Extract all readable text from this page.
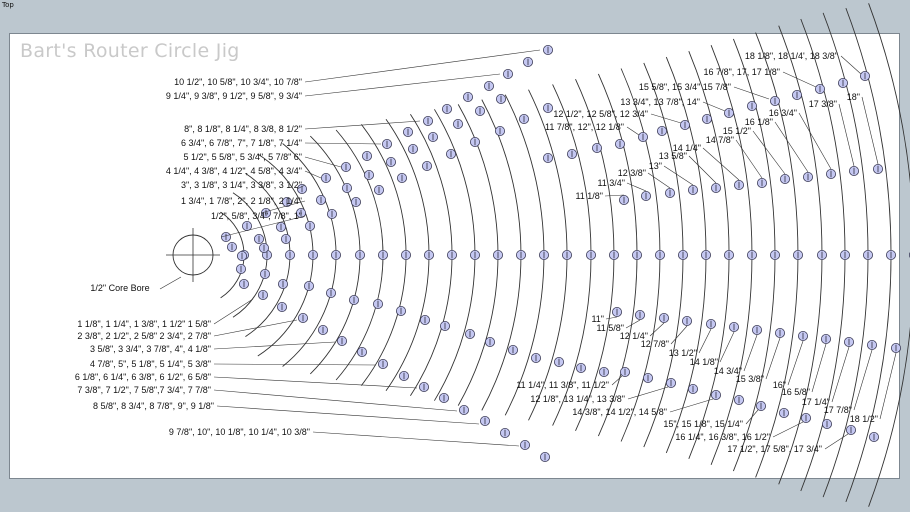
Top
Bart's Router Circle Jig
10 1/2", 10 5/8", 10 3/4", 10 7/8"
9 1/4", 9 3/8", 9 1/2", 9 5/8", 9 3/4"
8", 8 1/8", 8 1/4", 8 3/8, 8 1/2"
6 3/4", 6 7/8", 7", 7 1/8", 7 1/4"
5 1/2", 5 5/8", 5 3/4", 5 7/8" 6"
4 1/4", 4 3/8", 4 1/2", 4 5/8", 4 3/4"
3", 3 1/8", 3 1/4", 3 3/8", 3 1/2"
1 3/4", 1 7/8", 2", 2 1/8", 2 1/4"
1/2", 5/8", 3/4", 7/8", 1"
1 1/8", 1 1/4", 1 3/8", 1 1/2" 1 5/8"
2 3/8", 2 1/2", 2 5/8" 2 3/4", 2 7/8"
3 5/8", 3 3/4", 3 7/8", 4", 4 1/8"
4 7/8", 5", 5 1/8", 5 1/4", 5 3/8"
6 1/8", 6 1/4", 6 3/8", 6 1/2", 6 5/8"
7 3/8", 7 1/2", 7 5/8",7 3/4", 7 7/8"
8 5/8", 8 3/4", 8 7/8", 9", 9 1/8"
9 7/8", 10", 10 1/8", 10 1/4", 10 3/8"
1/2" Core Bore
18 1/8", 18 1/4', 18 3/8"
16 7/8", 17, 17 1/8"
15 5/8", 15 3/4" 15 7/8"
13 3/4", 13 7/8", 14"
12 1/2", 12 5/8", 12 3/4"
11 7/8", 12", 12 1/8"
11 1/4", 11 3/8", 11 1/2"
12 1/8", 13 1/4", 13 3/8"
14 3/8", 14 1/2", 14 5/8"
15", 15 1/8", 15 1/4"
16 1/4", 16 3/8", 16 1/2"
17 1/2", 17 5/8", 17 3/4"
11 1/8"
11 3/4"
12 3/8"
13"
13 5/8"
14 1/4"
14 7/8"
15 1/2"
16 1/8"
16 3/4"
17 3/8"
18"
11"
11 5/8"
12 1/4"
12 7/8"
13 1/2"
14 1/8"
14 3/4"
15 3/8"
16"
16 5/8"
17 1/4"
17 7/8"
18 1/2"
